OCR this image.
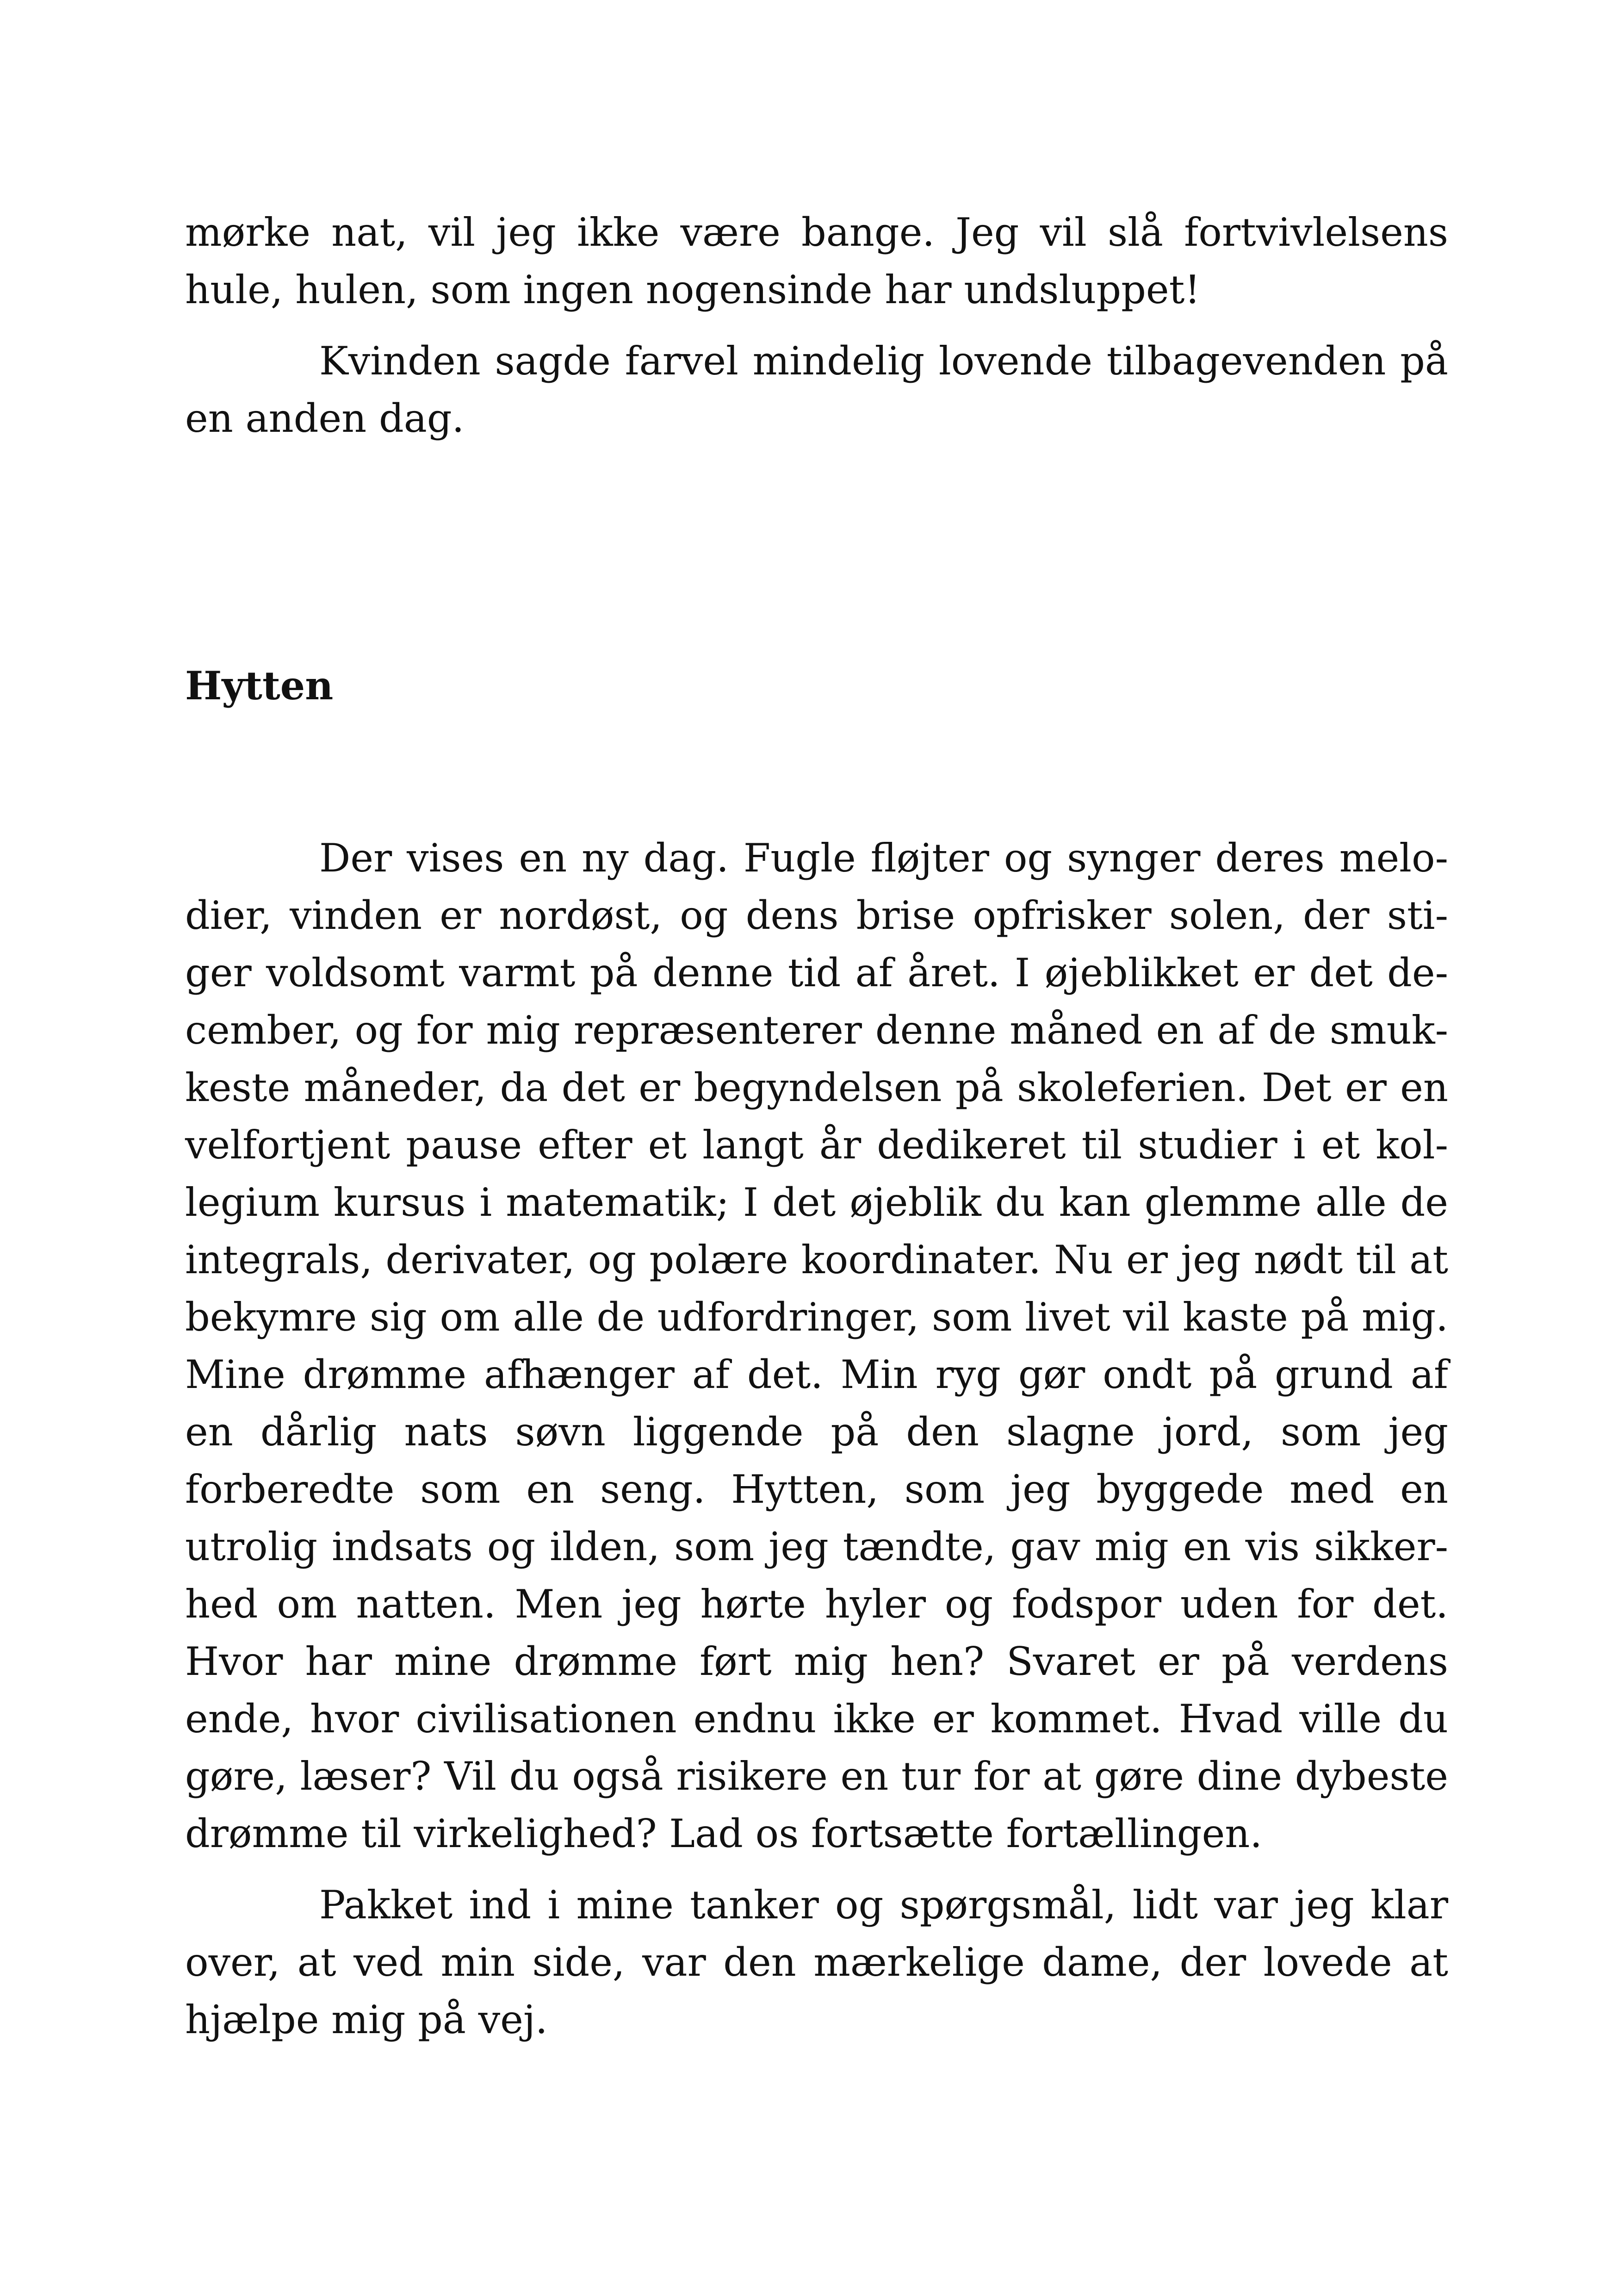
mørke nat, vil jeg ikke være bange. Jeg vil slå fortvivlelsens hule, hulen, som ingen nogensinde har undsluppet!

Kvinden sagde farvel mindelig lovende tilbagevenden på en anden dag.

Hytten

Der vises en ny dag. Fugle fløjter og synger deres melodier, vinden er nordøst, og dens brise opfrisker solen, der stiger voldsomt varmt på denne tid af året. I øjeblikket er det december, og for mig repræsenterer denne måned en af de smukkeste måneder, da det er begyndelsen på skoleferien. Det er en velfortjent pause efter et langt år dedikeret til studier i et kollegium kursus i matematik; I det øjeblik du kan glemme alle de integrals, derivater, og polære koordinater. Nu er jeg nødt til at bekymre sig om alle de udfordringer, som livet vil kaste på mig. Mine drømme afhænger af det. Min ryg gør ondt på grund af en dårlig nats søvn liggende på den slagne jord, som jeg forberedte som en seng. Hytten, som jeg byggede med en utrolig indsats og ilden, som jeg tændte, gav mig en vis sikkerhed om natten. Men jeg hørte hyler og fodspor uden for det. Hvor har mine drømme ført mig hen? Svaret er på verdens ende, hvor civilisationen endnu ikke er kommet. Hvad ville du gøre, læser? Vil du også risikere en tur for at gøre dine dybeste drømme til virkelighed? Lad os fortsætte fortællingen.

Pakket ind i mine tanker og spørgsmål, lidt var jeg klar over, at ved min side, var den mærkelige dame, der lovede at hjælpe mig på vej.
